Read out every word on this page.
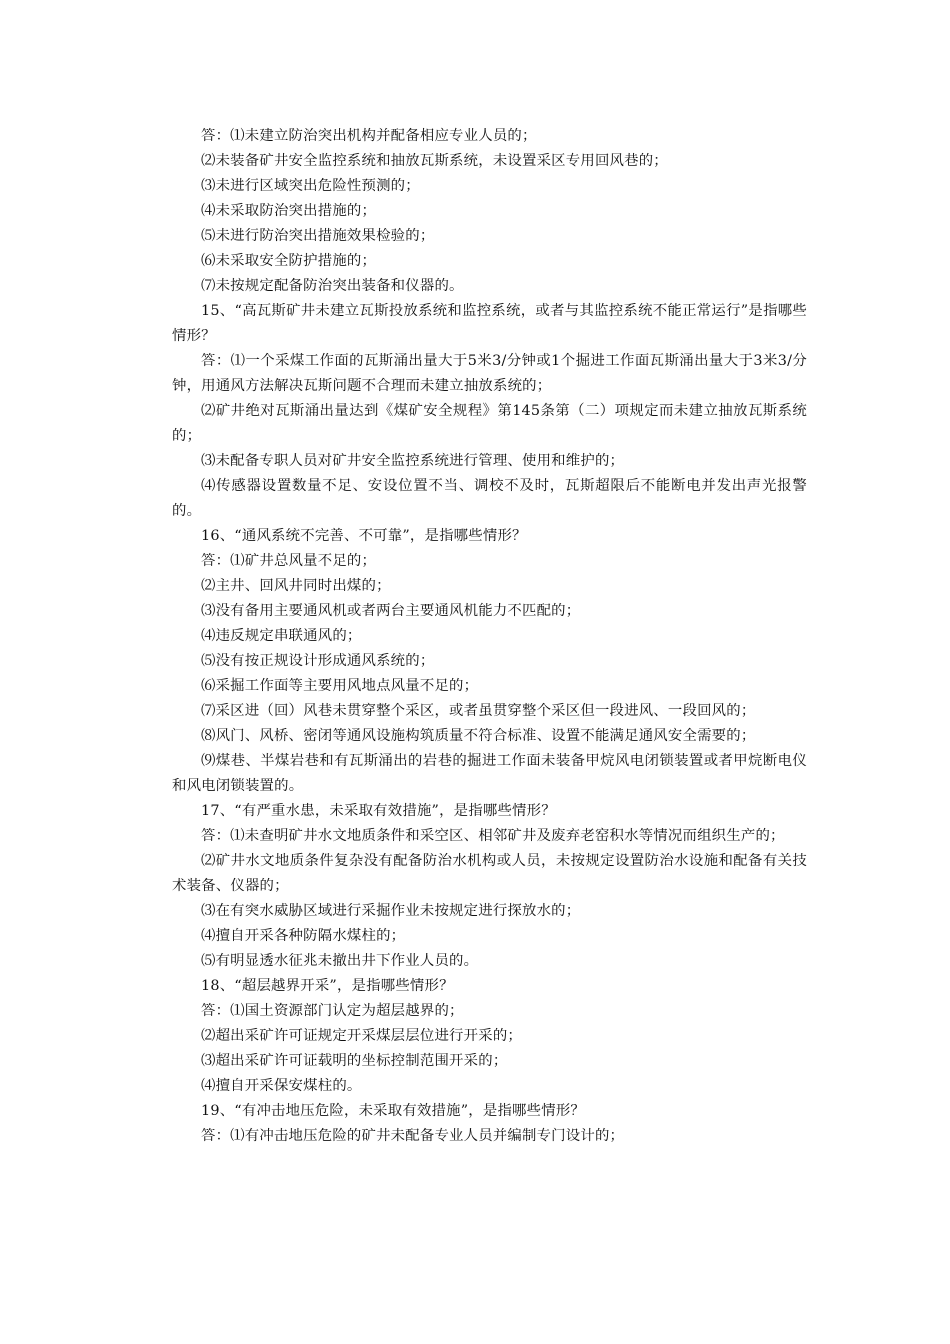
答：⑴未建立防治突出机构并配备相应专业人员的；

⑵未装备矿井安全监控系统和抽放瓦斯系统，未设置采区专用回风巷的；

⑶未进行区域突出危险性预测的；

⑷未采取防治突出措施的；

⑸未进行防治突出措施效果检验的；

⑹未采取安全防护措施的；

⑺未按规定配备防治突出装备和仪器的。

15、“高瓦斯矿井未建立瓦斯投放系统和监控系统，或者与其监控系统不能正常运行”是指哪些情形？

答：⑴一个采煤工作面的瓦斯涌出量大于5米3/分钟或1个掘进工作面瓦斯涌出量大于3米3/分钟，用通风方法解决瓦斯问题不合理而未建立抽放系统的；

⑵矿井绝对瓦斯涌出量达到《煤矿安全规程》第145条第（二）项规定而未建立抽放瓦斯系统的；

⑶未配备专职人员对矿井安全监控系统进行管理、使用和维护的；

⑷传感器设置数量不足、安设位置不当、调校不及时，瓦斯超限后不能断电并发出声光报警的。

16、“通风系统不完善、不可靠”，是指哪些情形？

答：⑴矿井总风量不足的；

⑵主井、回风井同时出煤的；

⑶没有备用主要通风机或者两台主要通风机能力不匹配的；

⑷违反规定串联通风的；

⑸没有按正规设计形成通风系统的；

⑹采掘工作面等主要用风地点风量不足的；

⑺采区进（回）风巷未贯穿整个采区，或者虽贯穿整个采区但一段进风、一段回风的；

⑻风门、风桥、密闭等通风设施构筑质量不符合标准、设置不能满足通风安全需要的；

⑼煤巷、半煤岩巷和有瓦斯涌出的岩巷的掘进工作面未装备甲烷风电闭锁装置或者甲烷断电仪和风电闭锁装置的。

17、“有严重水患，未采取有效措施”，是指哪些情形？

答：⑴未查明矿井水文地质条件和采空区、相邻矿井及废弃老窑积水等情况而组织生产的；

⑵矿井水文地质条件复杂没有配备防治水机构或人员，未按规定设置防治水设施和配备有关技术装备、仪器的；

⑶在有突水威胁区域进行采掘作业未按规定进行探放水的；

⑷擅自开采各种防隔水煤柱的；

⑸有明显透水征兆未撤出井下作业人员的。

18、“超层越界开采”，是指哪些情形？

答：⑴国土资源部门认定为超层越界的；

⑵超出采矿许可证规定开采煤层层位进行开采的；

⑶超出采矿许可证载明的坐标控制范围开采的；

⑷擅自开采保安煤柱的。

19、“有冲击地压危险，未采取有效措施”，是指哪些情形？

答：⑴有冲击地压危险的矿井未配备专业人员并编制专门设计的；
